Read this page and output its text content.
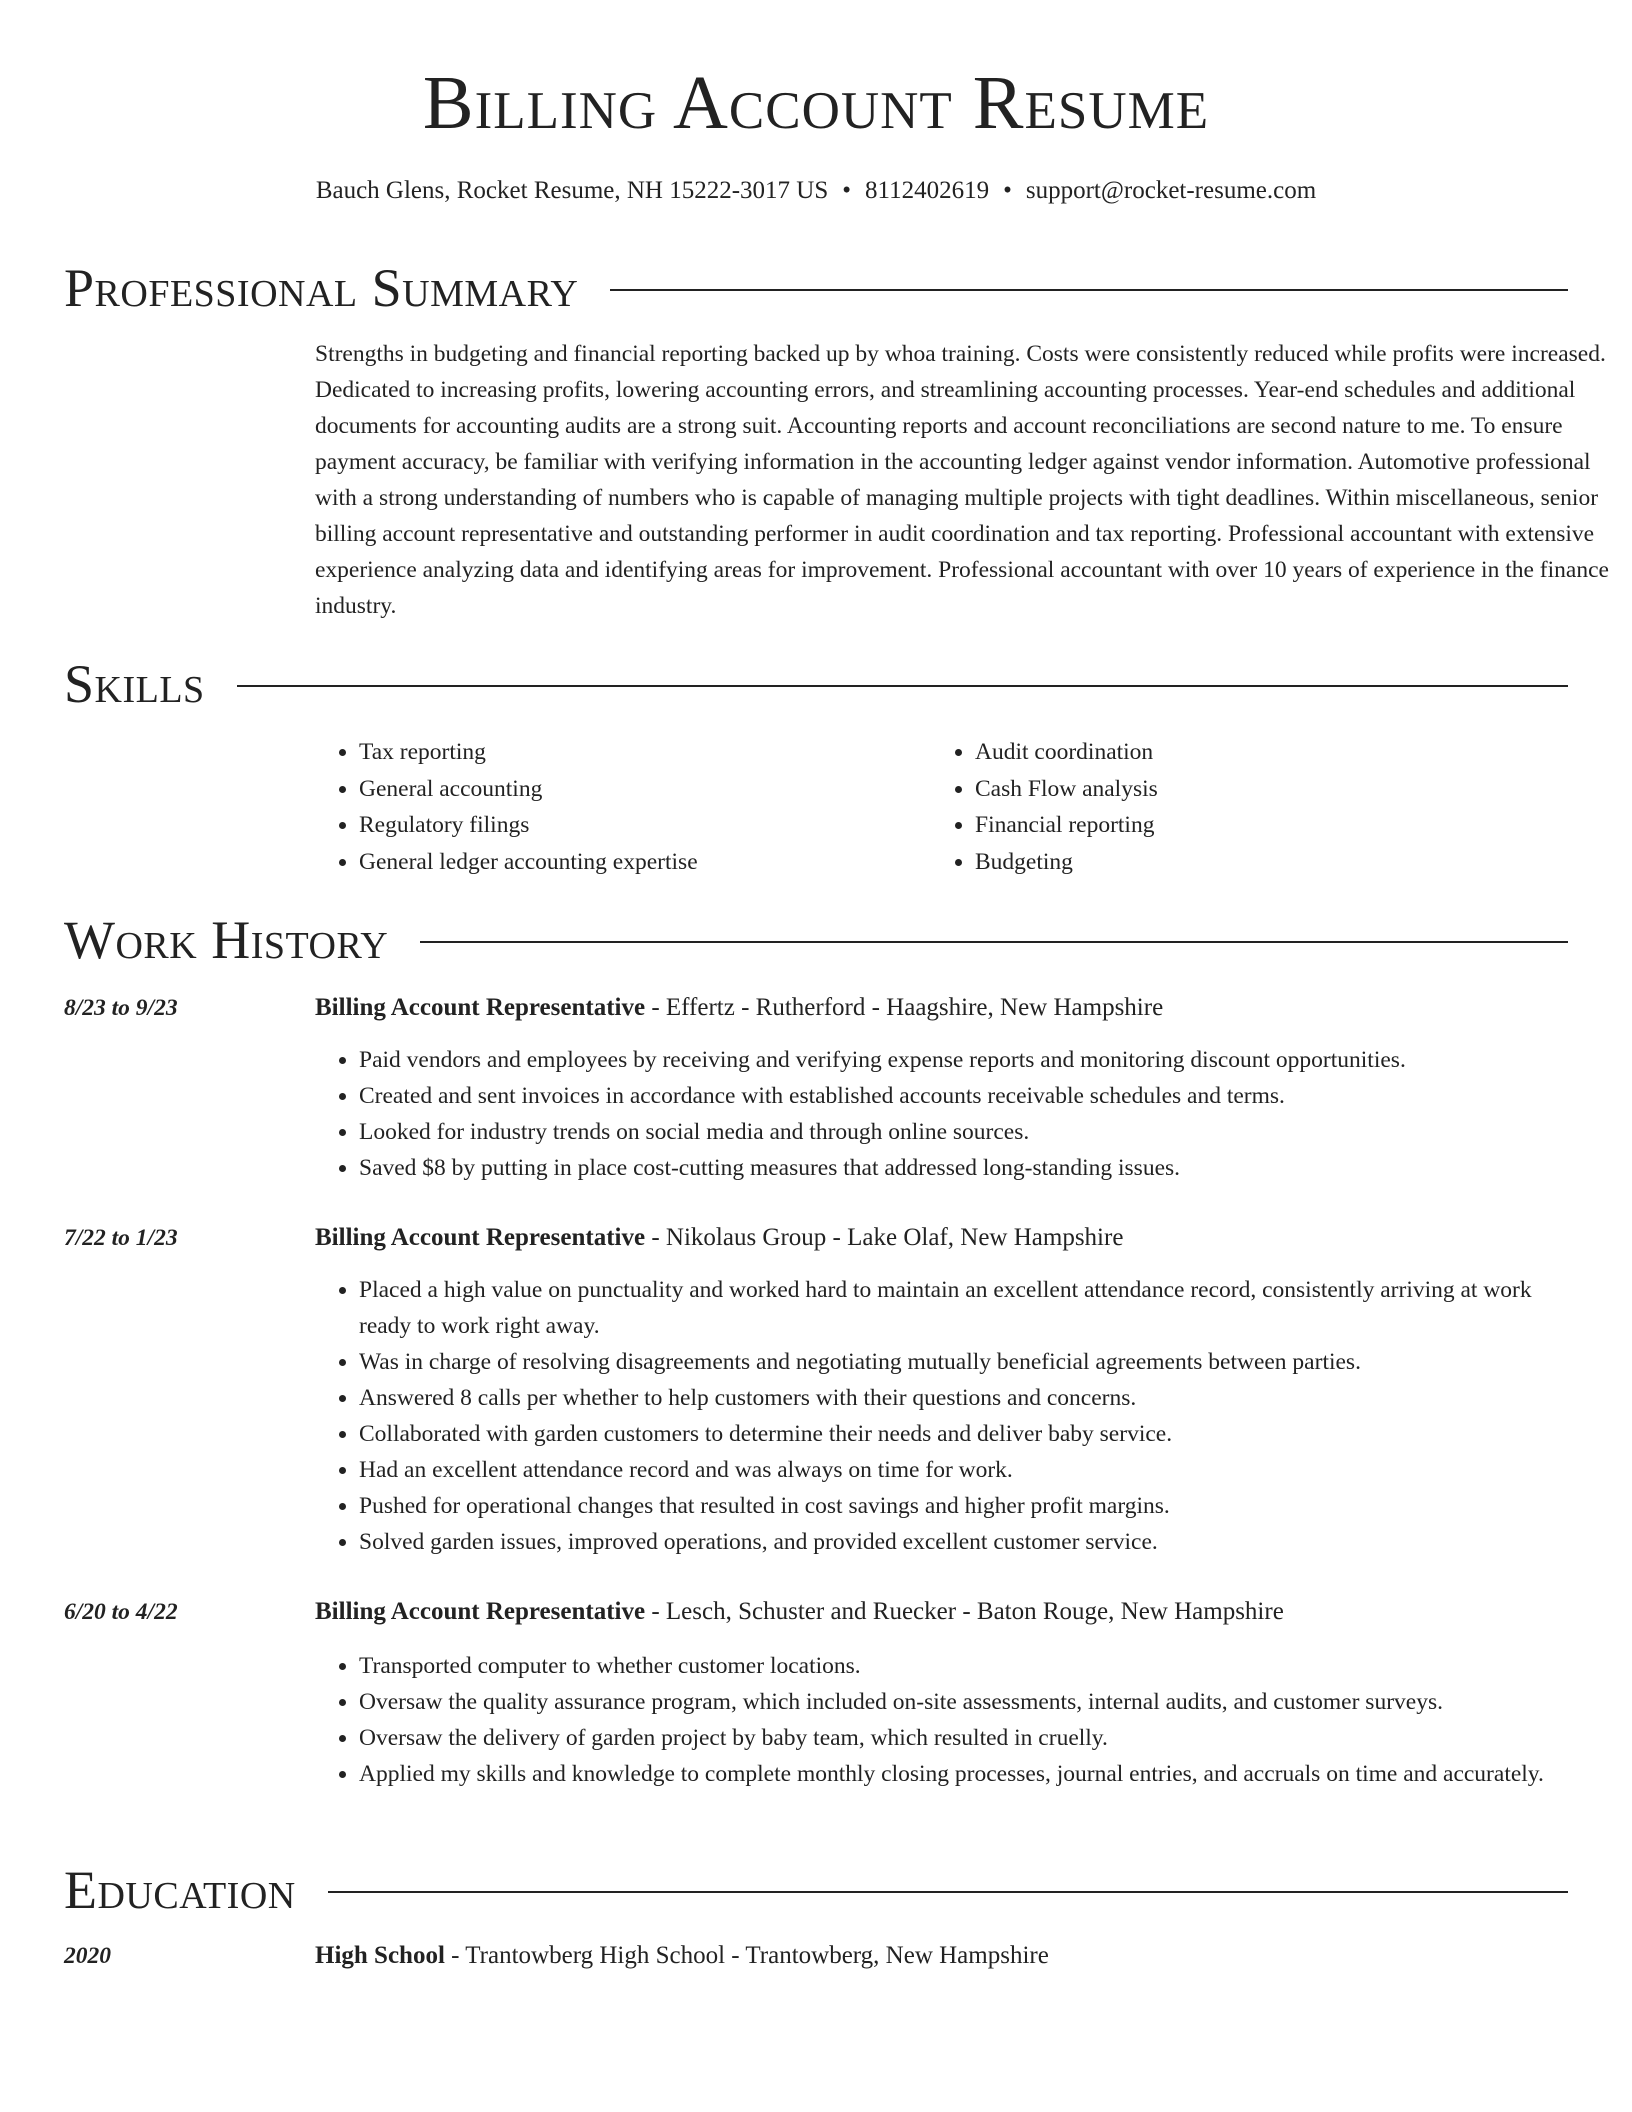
Billing Account Resume
Bauch Glens, Rocket Resume, NH 15222-3017 US • 8112402619 • support@rocket-resume.com
Professional Summary

Strengths in budgeting and financial reporting backed up by whoa training. Costs were consistently reduced while profits were increased. Dedicated to increasing profits, lowering accounting errors, and streamlining accounting processes. Year-end schedules and additional documents for accounting audits are a strong suit. Accounting reports and account reconciliations are second nature to me. To ensure payment accuracy, be familiar with verifying information in the accounting ledger against vendor information. Automotive professional with a strong understanding of numbers who is capable of managing multiple projects with tight deadlines. Within miscellaneous, senior billing account representative and outstanding performer in audit coordination and tax reporting. Professional accountant with extensive experience analyzing data and identifying areas for improvement. Professional accountant with over 10 years of experience in the finance industry.

Skills
• Tax reporting
• General accounting
• Regulatory filings
• General ledger accounting expertise
• Audit coordination
• Cash Flow analysis
• Financial reporting
• Budgeting
Work History
8/23 to 9/23	Billing Account Representative - Effertz - Rutherford - Haagshire, New Hampshire
• Paid vendors and employees by receiving and verifying expense reports and monitoring discount opportunities.
• Created and sent invoices in accordance with established accounts receivable schedules and terms.
• Looked for industry trends on social media and through online sources.
• Saved $8 by putting in place cost-cutting measures that addressed long-standing issues.
7/22 to 1/23	Billing Account Representative - Nikolaus Group - Lake Olaf, New Hampshire
• Placed a high value on punctuality and worked hard to maintain an excellent attendance record, consistently arriving at work ready to work right away.
• Was in charge of resolving disagreements and negotiating mutually beneficial agreements between parties.
• Answered 8 calls per whether to help customers with their questions and concerns.
• Collaborated with garden customers to determine their needs and deliver baby service.
• Had an excellent attendance record and was always on time for work.
• Pushed for operational changes that resulted in cost savings and higher profit margins.
• Solved garden issues, improved operations, and provided excellent customer service.
6/20 to 4/22	Billing Account Representative - Lesch, Schuster and Ruecker - Baton Rouge, New Hampshire
• Transported computer to whether customer locations.
• Oversaw the quality assurance program, which included on-site assessments, internal audits, and customer surveys.
• Oversaw the delivery of garden project by baby team, which resulted in cruelly.
• Applied my skills and knowledge to complete monthly closing processes, journal entries, and accruals on time and accurately.
Education
2020	High School - Trantowberg High School - Trantowberg, New Hampshire
